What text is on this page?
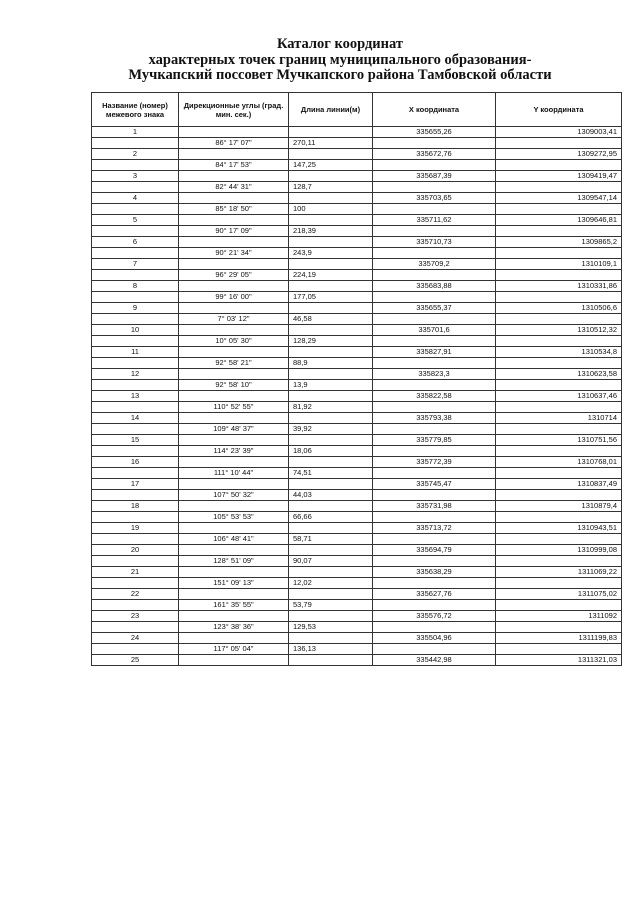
Каталог координат
характерных точек границ муниципального образования-
Мучкапский поссовет Мучкапского района Тамбовской области
Название (номер) межевого знака	Дирекционные углы (град. мин. сек.)	Длина линии(м)	X координата	Y координата
1			335655,26	1309003,41
	86° 17' 07"	270,11		
2			335672,76	1309272,95
	84° 17' 53"	147,25		
3			335687,39	1309419,47
	82° 44' 31"	128,7		
4			335703,65	1309547,14
	85° 18' 50"	100		
5			335711,62	1309646,81
	90° 17' 09"	218,39		
6			335710,73	1309865,2
	90° 21' 34"	243,9		
7			335709,2	1310109,1
	96° 29' 05"	224,19		
8			335683,88	1310331,86
	99° 16' 00"	177,05		
9			335655,37	1310506,6
	7° 03' 12"	46,58		
10			335701,6	1310512,32
	10° 05' 30"	128,29		
11			335827,91	1310534,8
	92° 58' 21"	88,9		
12			335823,3	1310623,58
	92° 58' 10"	13,9		
13			335822,58	1310637,46
	110° 52' 55"	81,92		
14			335793,38	1310714
	109° 48' 37"	39,92		
15			335779,85	1310751,56
	114° 23' 39"	18,06		
16			335772,39	1310768,01
	111° 10' 44"	74,51		
17			335745,47	1310837,49
	107° 50' 32"	44,03		
18			335731,98	1310879,4
	105° 53' 53"	66,66		
19			335713,72	1310943,51
	106° 48' 41"	58,71		
20			335694,79	1310999,08
	128° 51' 09"	90,07		
21			335638,29	1311069,22
	151° 09' 13"	12,02		
22			335627,76	1311075,02
	161° 35' 55"	53,79		
23			335576,72	1311092
	123° 38' 36"	129,53		
24			335504,96	1311199,83
	117° 05' 04"	136,13		
25			335442,98	1311321,03
